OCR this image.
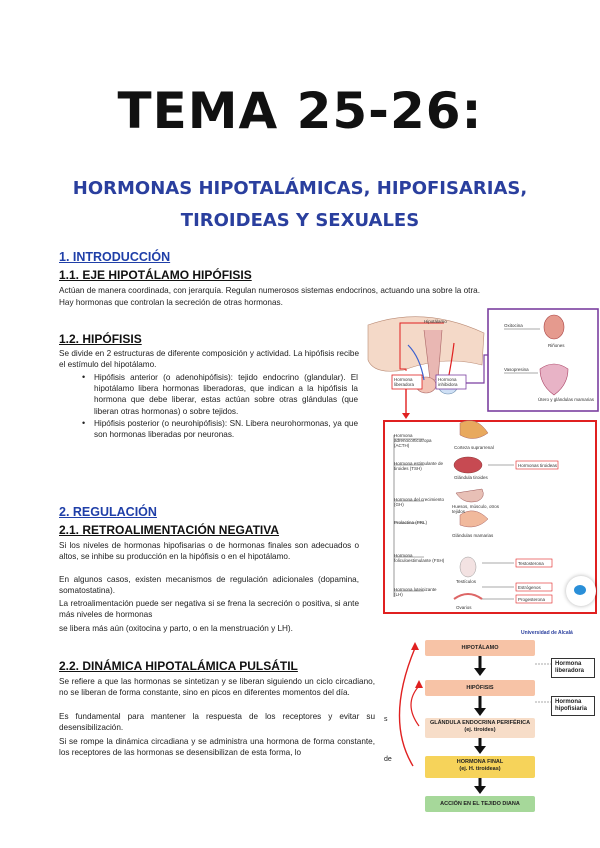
TEMA 25-26:
HORMONAS HIPOTALÁMICAS, HIPOFISARIAS,
TIROIDEAS Y SEXUALES
1. INTRODUCCIÓN
1.1. EJE HIPOTÁLAMO HIPÓFISIS
Actúan de manera coordinada, con jerarquía. Regulan numerosos sistemas endocrinos, actuando una sobre la otra.
Hay hormonas que controlan la secreción de otras hormonas.
1.2. HIPÓFISIS
Se divide en 2 estructuras de diferente composición y actividad. La hipófisis recibe el estímulo del hipotálamo.
• Hipófisis anterior (o adenohipófisis): tejido endocrino (glandular). El hipotálamo libera hormonas liberadoras, que indican a la hipófisis la hormona que debe liberar, estas actúan sobre otras glándulas (que liberan otras hormonas) o sobre tejidos.
• Hipófisis posterior (o neurohipófisis): SN. Libera neurohormonas, ya que son hormonas liberadas por neuronas.
2. REGULACIÓN
2.1. RETROALIMENTACIÓN NEGATIVA
Si los niveles de hormonas hipofisarias o de hormonas finales son adecuados o altos, se inhibe su producción en la hipófisis o en el hipotálamo.
En algunos casos, existen mecanismos de regulación adicionales (dopamina, somatostatina).
La retroalimentación puede ser negativa si se frena la secreción o positiva, si ante más niveles de hormonas
se libera más aún (oxitocina y parto, o en la menstruación y LH).
2.2. DINÁMICA HIPOTALÁMICA PULSÁTIL
Se refiere a que las hormonas se sintetizan y se liberan siguiendo un ciclo circadiano, no se liberan de forma constante, sino en picos en diferentes momentos del día.
Es fundamental para mantener la respuesta de los receptores y evitar su desensibilización.
Si se rompe la dinámica circadiana y se administra una hormona de forma constante, los receptores de las hormonas se desensibilizan de esta forma, lo
s
de
Hipotálamo
Hormona liberadora
Hormona inhibidora
Oxitocina
Vasopresina
Riñones
Útero y glándulas mamarias
Hormona adrenocorticotropa (ACTH)	Corteza suprarrenal
Hormona estimulante de tiroides (TSH)
Glándula tiroides
Hormonas tiroideas
Hormona del crecimiento (GH)	Huesos, músculo, otros tejidos
Prolactina (PRL)
Glándulas mamarias
Hormona foliculoestimulante (FSH)
Hormona luteinizante (LH)
Testosterona
Estrógenos
Progesterona
Testículos
Ovarios
HIPOTÁLAMO
HIPÓFISIS
GLÁNDULA ENDOCRINA PERIFÉRICA
(ej. tiroides)
HORMONA FINAL
(ej. H. tiroideas)
ACCIÓN EN EL TEJIDO DIANA
Hormona liberadora
Hormona hipofisiaria
Universidad de Alcalá
